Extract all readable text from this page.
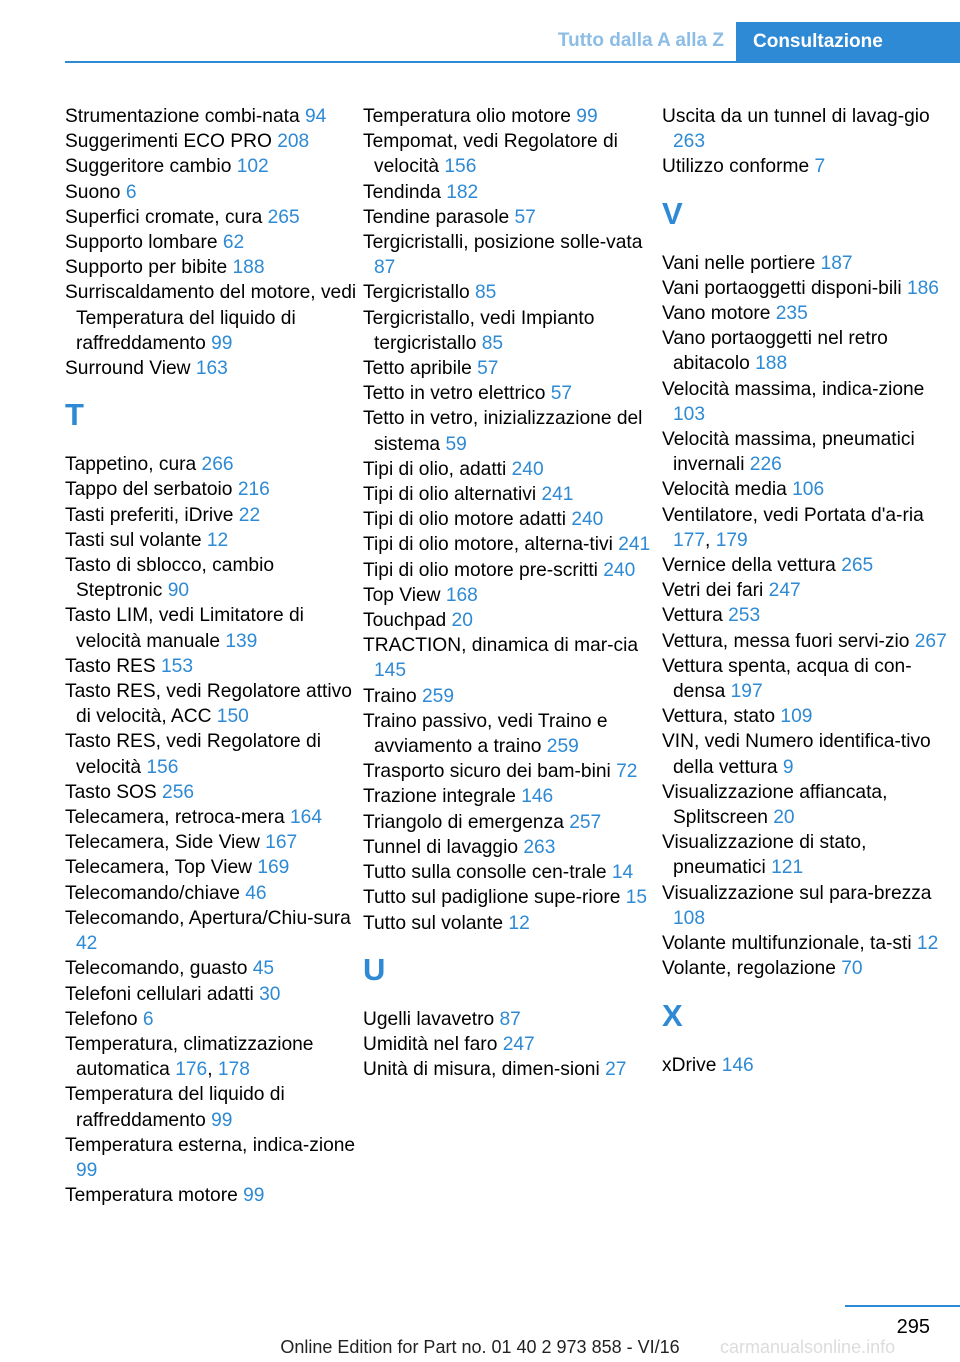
Tutto dalla A alla Z	Consultazione
Strumentazione combi-nata 94
Suggerimenti ECO PRO 208
Suggeritore cambio 102
Suono 6
Superfici cromate, cura 265
Supporto lombare 62
Supporto per bibite 188
Surriscaldamento del motore, vedi Temperatura del liquido di raffreddamento 99
Surround View 163
T
Tappetino, cura 266
Tappo del serbatoio 216
Tasti preferiti, iDrive 22
Tasti sul volante 12
Tasto di sblocco, cambio Steptronic 90
Tasto LIM, vedi Limitatore di velocità manuale 139
Tasto RES 153
Tasto RES, vedi Regolatore attivo di velocità, ACC 150
Tasto RES, vedi Regolatore di velocità 156
Tasto SOS 256
Telecamera, retroca-mera 164
Telecamera, Side View 167
Telecamera, Top View 169
Telecomando/chiave 46
Telecomando, Apertura/Chiu-sura 42
Telecomando, guasto 45
Telefoni cellulari adatti 30
Telefono 6
Temperatura, climatizzazione automatica 176, 178
Temperatura del liquido di raffreddamento 99
Temperatura esterna, indica-zione 99
Temperatura motore 99
Temperatura olio motore 99
Tempomat, vedi Regolatore di velocità 156
Tendinda 182
Tendine parasole 57
Tergicristalli, posizione solle-vata 87
Tergicristallo 85
Tergicristallo, vedi Impianto tergicristallo 85
Tetto apribile 57
Tetto in vetro elettrico 57
Tetto in vetro, inizializzazione del sistema 59
Tipi di olio, adatti 240
Tipi di olio alternativi 241
Tipi di olio motore adatti 240
Tipi di olio motore, alterna-tivi 241
Tipi di olio motore pre-scritti 240
Top View 168
Touchpad 20
TRACTION, dinamica di mar-cia 145
Traino 259
Traino passivo, vedi Traino e avviamento a traino 259
Trasporto sicuro dei bam-bini 72
Trazione integrale 146
Triangolo di emergenza 257
Tunnel di lavaggio 263
Tutto sulla consolle cen-trale 14
Tutto sul padiglione supe-riore 15
Tutto sul volante 12
U
Ugelli lavavetro 87
Umidità nel faro 247
Unità di misura, dimen-sioni 27
Uscita da un tunnel di lavag-gio 263
Utilizzo conforme 7
V
Vani nelle portiere 187
Vani portaoggetti disponi-bili 186
Vano motore 235
Vano portaoggetti nel retro abitacolo 188
Velocità massima, indica-zione 103
Velocità massima, pneumatici invernali 226
Velocità media 106
Ventilatore, vedi Portata d'a-ria 177, 179
Vernice della vettura 265
Vetri dei fari 247
Vettura 253
Vettura, messa fuori servi-zio 267
Vettura spenta, acqua di con-densa 197
Vettura, stato 109
VIN, vedi Numero identifica-tivo della vettura 9
Visualizzazione affiancata, Splitscreen 20
Visualizzazione di stato, pneumatici 121
Visualizzazione sul para-brezza 108
Volante multifunzionale, ta-sti 12
Volante, regolazione 70
X
xDrive 146
295
carmanualsonline.info
Online Edition for Part no. 01 40 2 973 858 - VI/16
